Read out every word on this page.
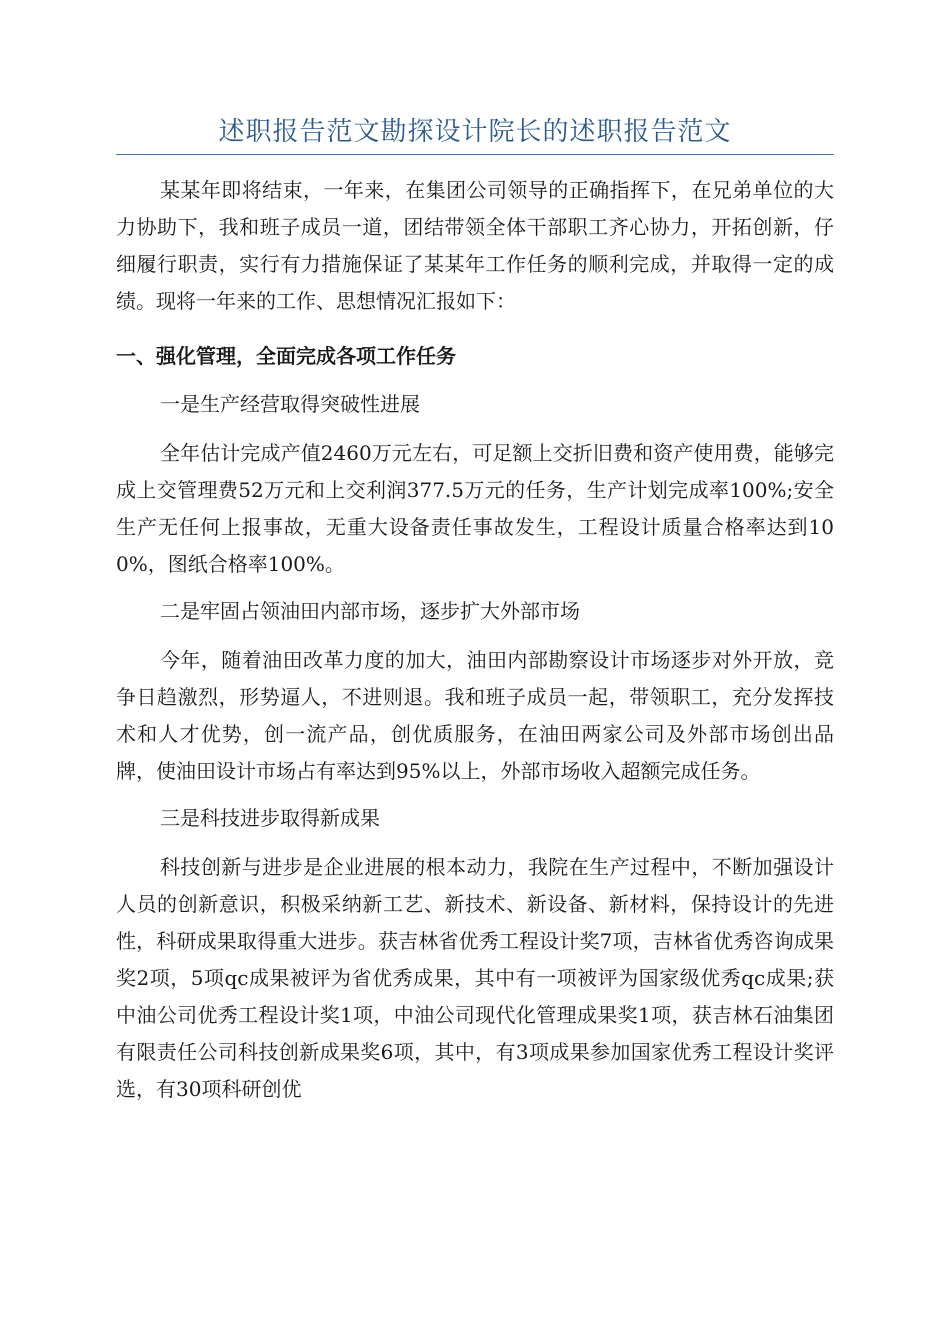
述职报告范文勘探设计院长的述职报告范文

某某年即将结束，一年来，在集团公司领导的正确指挥下，在兄弟单位的大力协助下，我和班子成员一道，团结带领全体干部职工齐心协力，开拓创新，仔细履行职责，实行有力措施保证了某某年工作任务的顺利完成，并取得一定的成绩。现将一年来的工作、思想情况汇报如下：

一、强化管理，全面完成各项工作任务

一是生产经营取得突破性进展

全年估计完成产值2460万元左右，可足额上交折旧费和资产使用费，能够完成上交管理费52万元和上交利润377.5万元的任务，生产计划完成率100%;安全生产无任何上报事故，无重大设备责任事故发生，工程设计质量合格率达到100%，图纸合格率100%。

二是牢固占领油田内部市场，逐步扩大外部市场

今年，随着油田改革力度的加大，油田内部勘察设计市场逐步对外开放，竞争日趋激烈，形势逼人，不进则退。我和班子成员一起，带领职工，充分发挥技术和人才优势，创一流产品，创优质服务，在油田两家公司及外部市场创出品牌，使油田设计市场占有率达到95%以上，外部市场收入超额完成任务。

三是科技进步取得新成果

科技创新与进步是企业进展的根本动力，我院在生产过程中，不断加强设计人员的创新意识，积极采纳新工艺、新技术、新设备、新材料，保持设计的先进性，科研成果取得重大进步。获吉林省优秀工程设计奖7项，吉林省优秀咨询成果奖2项，5项qc成果被评为省优秀成果，其中有一项被评为国家级优秀qc成果;获中油公司优秀工程设计奖1项，中油公司现代化管理成果奖1项，获吉林石油集团有限责任公司科技创新成果奖6项，其中，有3项成果参加国家优秀工程设计奖评选，有30项科研创优
